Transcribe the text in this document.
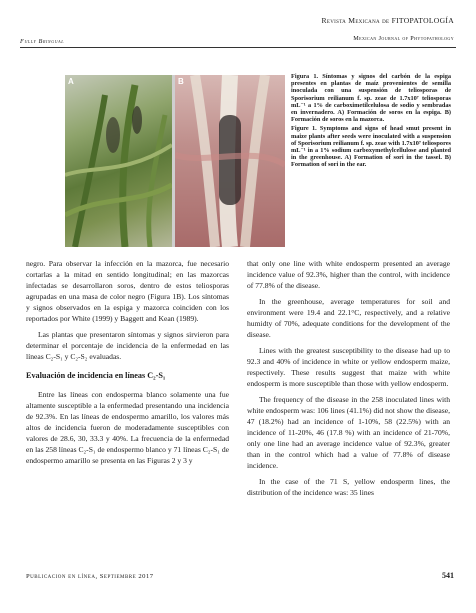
Fully Bringual
Revista Mexicana de FITOPATOLOGÍA
Mexican Journal of Phytopathology
A	B

Figura 1. Síntomas y signos del carbón de la espiga presentes en plantas de maíz provenientes de semilla inoculada con una suspensión de teliosporas de Sporisorium reilianum f. sp. zeae de 1.7x10⁷ teliosporas mL⁻¹ a 1% de carboximetilcelulosa de sodio y sembradas en invernadero. A) Formación de soros en la espiga. B) Formación de soros en la mazorca.

Figure 1. Symptoms and signs of head smut present in maize plants after seeds were inoculated with a suspension of Sporisorium reilianum f. sp. zeae with 1.7x10⁷ teliospores mL⁻¹ in a 1% sodium carboxymethylcellulose and planted in the greenhouse. A) Formation of sori in the tassel. B) Formation of sori in the ear.

negro. Para observar la infección en la mazorca, fue necesario cortarlas a la mitad en sentido longitudinal; en las mazorcas infectadas se desarrollaron soros, dentro de estos teliosporas agrupadas en una masa de color negro (Figura 1B). Los síntomas y signos observados en la espiga y mazorca coinciden con los reportados por White (1999) y Baggett and Kean (1989).

Las plantas que presentaron síntomas y signos sirvieron para determinar el porcentaje de incidencia de la enfermedad en las líneas C₂-S₁ y C₂-S₂ evaluadas.

Evaluación de incidencia en líneas C₂-S₁

Entre las líneas con endosperma blanco solamente una fue altamente susceptible a la enfermedad presentando una incidencia de 92.3%. En las líneas de endospermo amarillo, los valores más altos de incidencia fueron de moderadamente susceptibles con valores de 28.6, 30, 33.3 y 40%. La frecuencia de la enfermedad en las 258 líneas C₂-S₁ de endospermo blanco y 71 líneas C₂-S₁ de endospermo amarillo se presenta en las Figuras 2 y 3 y

that only one line with white endosperm presented an average incidence value of 92.3%, higher than the control, with incidence of 77.8% of the disease.

In the greenhouse, average temperatures for soil and environment were 19.4 and 22.1°C, respectively, and a relative humidty of 70%, adequate conditions for the development of the disease.

Lines with the greatest susceptibility to the disease had up to 92.3 and 40% of incidence in white or yellow endosperm maize, respectively. These results suggest that maize with white endosperm is more susceptible than those with yellow endosperm.

The frequency of the disease in the 258 inoculated lines with white endosperm was: 106 lines (41.1%) did not show the disease, 47 (18.2%) had an incidence of 1-10%, 58 (22.5%) with an incidence of 11-20%, 46 (17.8 %) with an incidence of 21-70%, only one line had an average incidence value of 92.3%, greater than in the control which had a value of 77.8% of disease incidence.

In the case of the 71 S, yellow endosperm lines, the distribution of the incidence was: 35 lines

Publicacion en línea, Septiembre 2017	541
